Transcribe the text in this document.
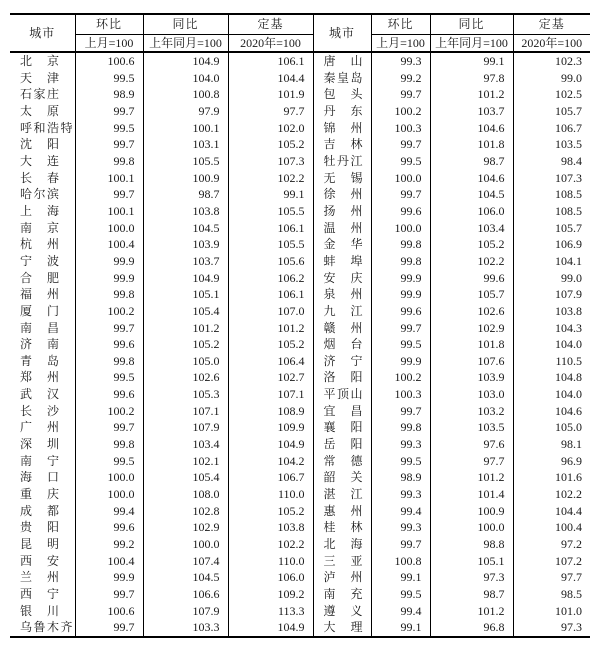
城市	环比	同比	定基	城市	环比	同比	定基
	上月=100	上年同月=100	2020年=100		上月=100	上年同月=100	2020年=100
北　京	100.6	104.9	106.1	唐　山	99.3	99.1	102.3
天　津	99.5	104.0	104.4	秦皇岛	99.2	97.8	99.0
石家庄	98.9	100.8	101.9	包　头	99.7	101.2	102.5
太　原	99.7	97.9	97.7	丹　东	100.2	103.7	105.7
呼和浩特	99.5	100.1	102.0	锦　州	100.3	104.6	106.7
沈　阳	99.7	103.1	105.2	吉　林	99.7	101.8	103.5
大　连	99.8	105.5	107.3	牡丹江	99.5	98.7	98.4
长　春	100.1	100.9	102.2	无　锡	100.0	104.6	107.3
哈尔滨	99.7	98.7	99.1	徐　州	99.7	104.5	108.5
上　海	100.1	103.8	105.5	扬　州	99.6	106.0	108.5
南　京	100.0	104.5	106.1	温　州	100.0	103.4	105.7
杭　州	100.4	103.9	105.5	金　华	99.8	105.2	106.9
宁　波	99.9	103.7	105.6	蚌　埠	99.8	102.2	104.1
合　肥	99.9	104.9	106.2	安　庆	99.9	99.6	99.0
福　州	99.8	105.1	106.1	泉　州	99.9	105.7	107.9
厦　门	100.2	105.4	107.0	九　江	99.6	102.6	103.8
南　昌	99.7	101.2	101.2	赣　州	99.7	102.9	104.3
济　南	99.6	105.2	105.2	烟　台	99.5	101.8	104.0
青　岛	99.8	105.0	106.4	济　宁	99.9	107.6	110.5
郑　州	99.5	102.6	102.7	洛　阳	100.2	103.9	104.8
武　汉	99.6	105.3	107.1	平顶山	100.3	103.0	104.0
长　沙	100.2	107.1	108.9	宜　昌	99.7	103.2	104.6
广　州	99.7	107.9	109.9	襄　阳	99.8	103.5	105.0
深　圳	99.8	103.4	104.9	岳　阳	99.3	97.6	98.1
南　宁	99.5	102.1	104.2	常　德	99.5	97.7	96.9
海　口	100.0	105.4	106.7	韶　关	98.9	101.2	101.6
重　庆	100.0	108.0	110.0	湛　江	99.3	101.4	102.2
成　都	99.4	102.8	105.2	惠　州	99.4	100.9	104.4
贵　阳	99.6	102.9	103.8	桂　林	99.3	100.0	100.4
昆　明	99.2	100.0	102.2	北　海	99.7	98.8	97.2
西　安	100.4	107.4	110.0	三　亚	100.8	105.1	107.2
兰　州	99.9	104.5	106.0	泸　州	99.1	97.3	97.7
西　宁	99.7	106.6	109.2	南　充	99.5	98.7	98.5
银　川	100.6	107.9	113.3	遵　义	99.4	101.2	101.0
乌鲁木齐	99.7	103.3	104.9	大　理	99.1	96.8	97.3
